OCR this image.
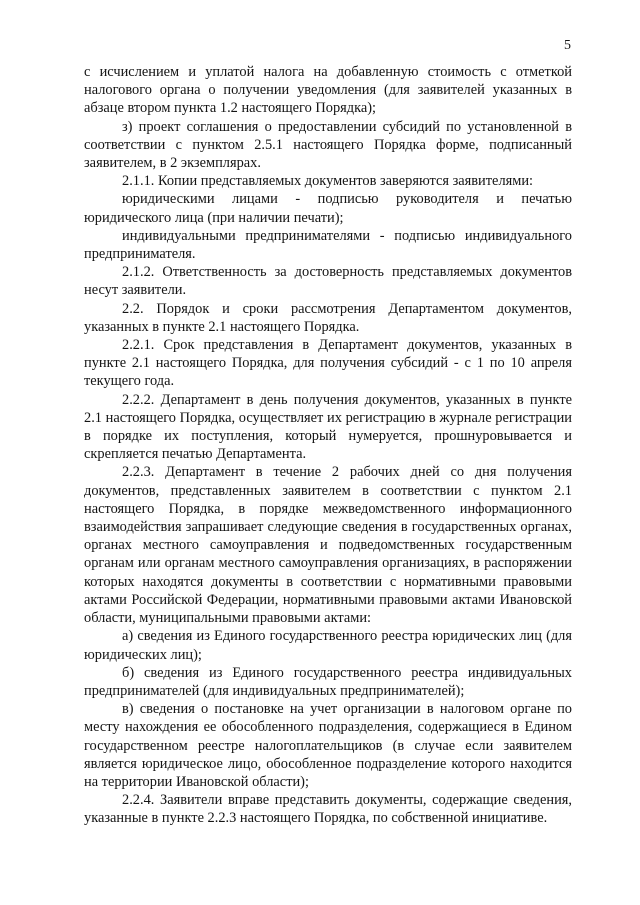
5

с исчислением и уплатой налога на добавленную стоимость с отметкой налогового органа о получении уведомления (для заявителей указанных в абзаце втором пункта 1.2 настоящего Порядка);

з) проект соглашения о предоставлении субсидий по установленной в соответствии с пунктом 2.5.1 настоящего Порядка форме, подписанный заявителем, в 2 экземплярах.

2.1.1. Копии представляемых документов заверяются заявителями:

юридическими лицами - подписью руководителя и печатью юридического лица (при наличии печати);

индивидуальными предпринимателями - подписью индивидуального предпринимателя.

2.1.2. Ответственность за достоверность представляемых документов несут заявители.

2.2. Порядок и сроки рассмотрения Департаментом документов, указанных в пункте 2.1 настоящего Порядка.

2.2.1. Срок представления в Департамент документов, указанных в пункте 2.1 настоящего Порядка, для получения субсидий - с 1 по 10 апреля текущего года.

2.2.2. Департамент в день получения документов, указанных в пункте 2.1 настоящего Порядка, осуществляет их регистрацию в журнале регистрации в порядке их поступления, который нумеруется, прошнуровывается и скрепляется печатью Департамента.

2.2.3. Департамент в течение 2 рабочих дней со дня получения документов, представленных заявителем в соответствии с пунктом 2.1 настоящего Порядка, в порядке межведомственного информационного взаимодействия запрашивает следующие сведения в государственных органах, органах местного самоуправления и подведомственных государственным органам или органам местного самоуправления организациях, в распоряжении которых находятся документы в соответствии с нормативными правовыми актами Российской Федерации, нормативными правовыми актами Ивановской области, муниципальными правовыми актами:

а) сведения из Единого государственного реестра юридических лиц (для юридических лиц);

б) сведения из Единого государственного реестра индивидуальных предпринимателей (для индивидуальных предпринимателей);

в) сведения о постановке на учет организации в налоговом органе по месту нахождения ее обособленного подразделения, содержащиеся в Едином государственном реестре налогоплательщиков (в случае если заявителем является юридическое лицо, обособленное подразделение которого находится на территории Ивановской области);

2.2.4. Заявители вправе представить документы, содержащие сведения, указанные в пункте 2.2.3 настоящего Порядка, по собственной инициативе.
